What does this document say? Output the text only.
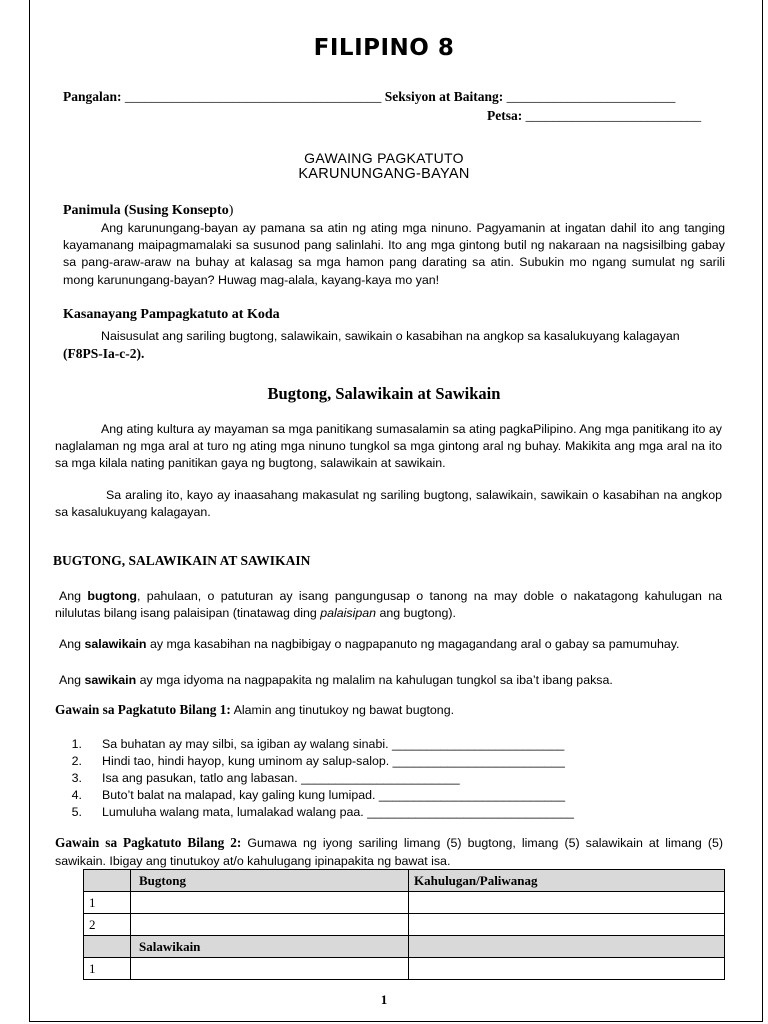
FILIPINO 8
Pangalan: ______________________________________ Seksiyon at Baitang: _________________________
Petsa: __________________________
GAWAING PAGKATUTO
KARUNUNGANG-BAYAN
Panimula (Susing Konsepto)

Ang karunungang-bayan ay pamana sa atin ng ating mga ninuno. Pagyamanin at ingatan dahil ito ang tanging kayamanang maipagmamalaki sa susunod pang salinlahi. Ito ang mga gintong butil ng nakaraan na nagsisilbing gabay sa pang-araw-araw na buhay at kalasag sa mga hamon pang darating sa atin. Subukin mo ngang sumulat ng sarili mong karunungang-bayan? Huwag mag-alala, kayang-kaya mo yan!

Kasanayang Pampagkatuto at Koda

Naisusulat ang sariling bugtong, salawikain, sawikain o kasabihan na angkop sa kasalukuyang kalagayan

(F8PS-Ia-c-2).

Bugtong, Salawikain at Sawikain

Ang ating kultura ay mayaman sa mga panitikang sumasalamin sa ating pagkaPilipino. Ang mga panitikang ito ay naglalaman ng mga aral at turo ng ating mga ninuno tungkol sa mga gintong aral ng buhay. Makikita ang mga aral na ito sa mga kilala nating panitikan gaya ng bugtong, salawikain at sawikain.

Sa araling ito, kayo ay inaasahang makasulat ng sariling bugtong, salawikain, sawikain o kasabihan na angkop sa kasalukuyang kalagayan.

BUGTONG, SALAWIKAIN AT SAWIKAIN

Ang bugtong, pahulaan, o patuturan ay isang pangungusap o tanong na may doble o nakatagong kahulugan na nilulutas bilang isang palaisipan (tinatawag ding palaisipan ang bugtong).

Ang salawikain ay mga kasabihan na nagbibigay o nagpapanuto ng magagandang aral o gabay sa pamumuhay.
Ang sawikain ay mga idyoma na nagpapakita ng malalim na kahulugan tungkol sa iba’t ibang paksa.
Gawain sa Pagkatuto Bilang 1: Alamin ang tinutukoy ng bawat bugtong.
1. Sa buhatan ay may silbi, sa igiban ay walang sinabi. _________________________
2. Hindi tao, hindi hayop, kung uminom ay salup-salop. _________________________
3. Isa ang pasukan, tatlo ang labasan. _______________________
4. Buto’t balat na malapad, kay galing kung lumipad. ___________________________
5. Lumuluha walang mata, lumalakad walang paa. ______________________________

Gawain sa Pagkatuto Bilang 2: Gumawa ng iyong sariling limang (5) bugtong, limang (5) salawikain at limang (5) sawikain. Ibigay ang tinutukoy at/o kahulugang ipinapakita ng bawat isa.

	Bugtong	Kahulugan/Paliwanag
1		
2		
	Salawikain	
1		
1
